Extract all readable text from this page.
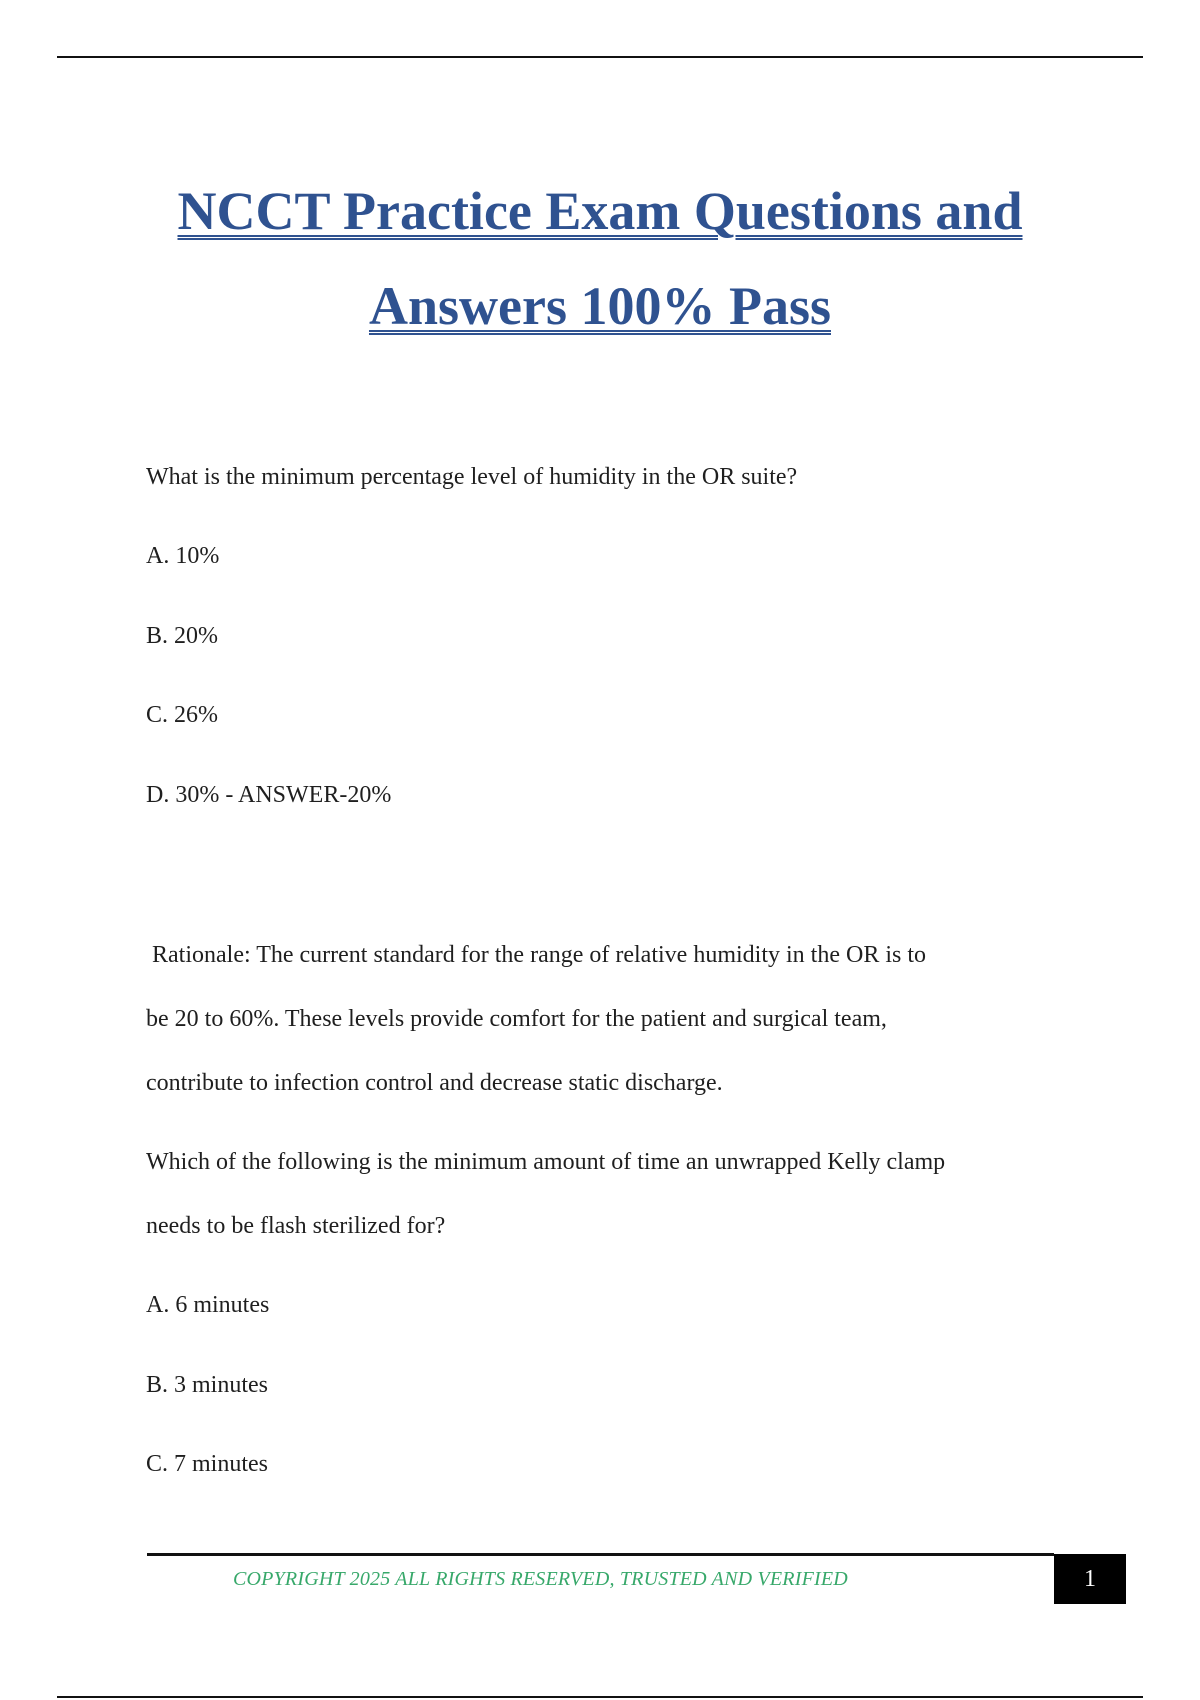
NCCT Practice Exam Questions and
Answers 100% Pass
What is the minimum percentage level of humidity in the OR suite?
A. 10%
B. 20%
C. 26%
D. 30% - ANSWER-20%
Rationale: The current standard for the range of relative humidity in the OR is to
be 20 to 60%. These levels provide comfort for the patient and surgical team,
contribute to infection control and decrease static discharge.
Which of the following is the minimum amount of time an unwrapped Kelly clamp
needs to be flash sterilized for?
A. 6 minutes
B. 3 minutes
C. 7 minutes
COPYRIGHT 2025 ALL RIGHTS RESERVED, TRUSTED AND VERIFIED	1
